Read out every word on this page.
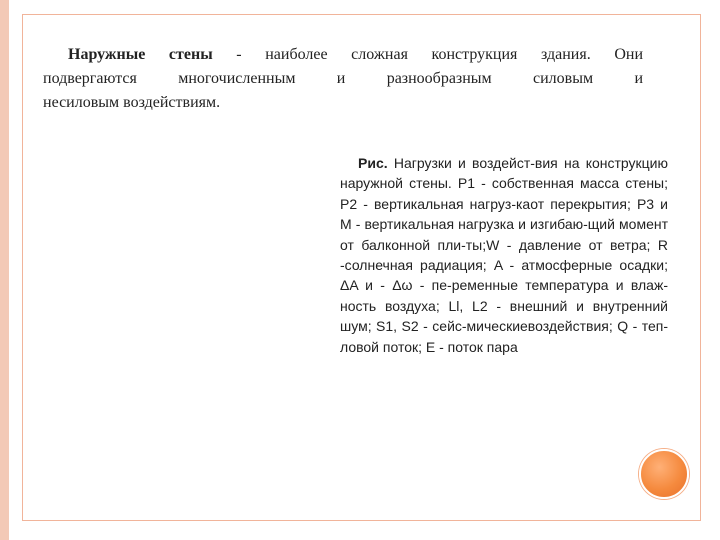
Наружные стены - наиболее сложная конструкция здания. Они
подвергаются многочисленным и разнообразным силовым и
несиловым воздействиям.
Рис. Нагрузки и воздейст-вия на конструкцию наружной стены. P1 - собственная масса стены; P2 - вертикальная нагруз-каот перекрытия; P3 и M - вертикальная нагрузка и изгибаю-щий момент от балконной пли-ты;W - давление от ветра; R -солнечная радиация; A - атмосферные осадки; ΔA и - Δω - пе-ременные температура и влаж-ность воздуха; Ll, L2 - внешний и внутренний шум; S1, S2 - сейс-мическиевоздействия; Q - теп-ловой поток; E - поток пара
